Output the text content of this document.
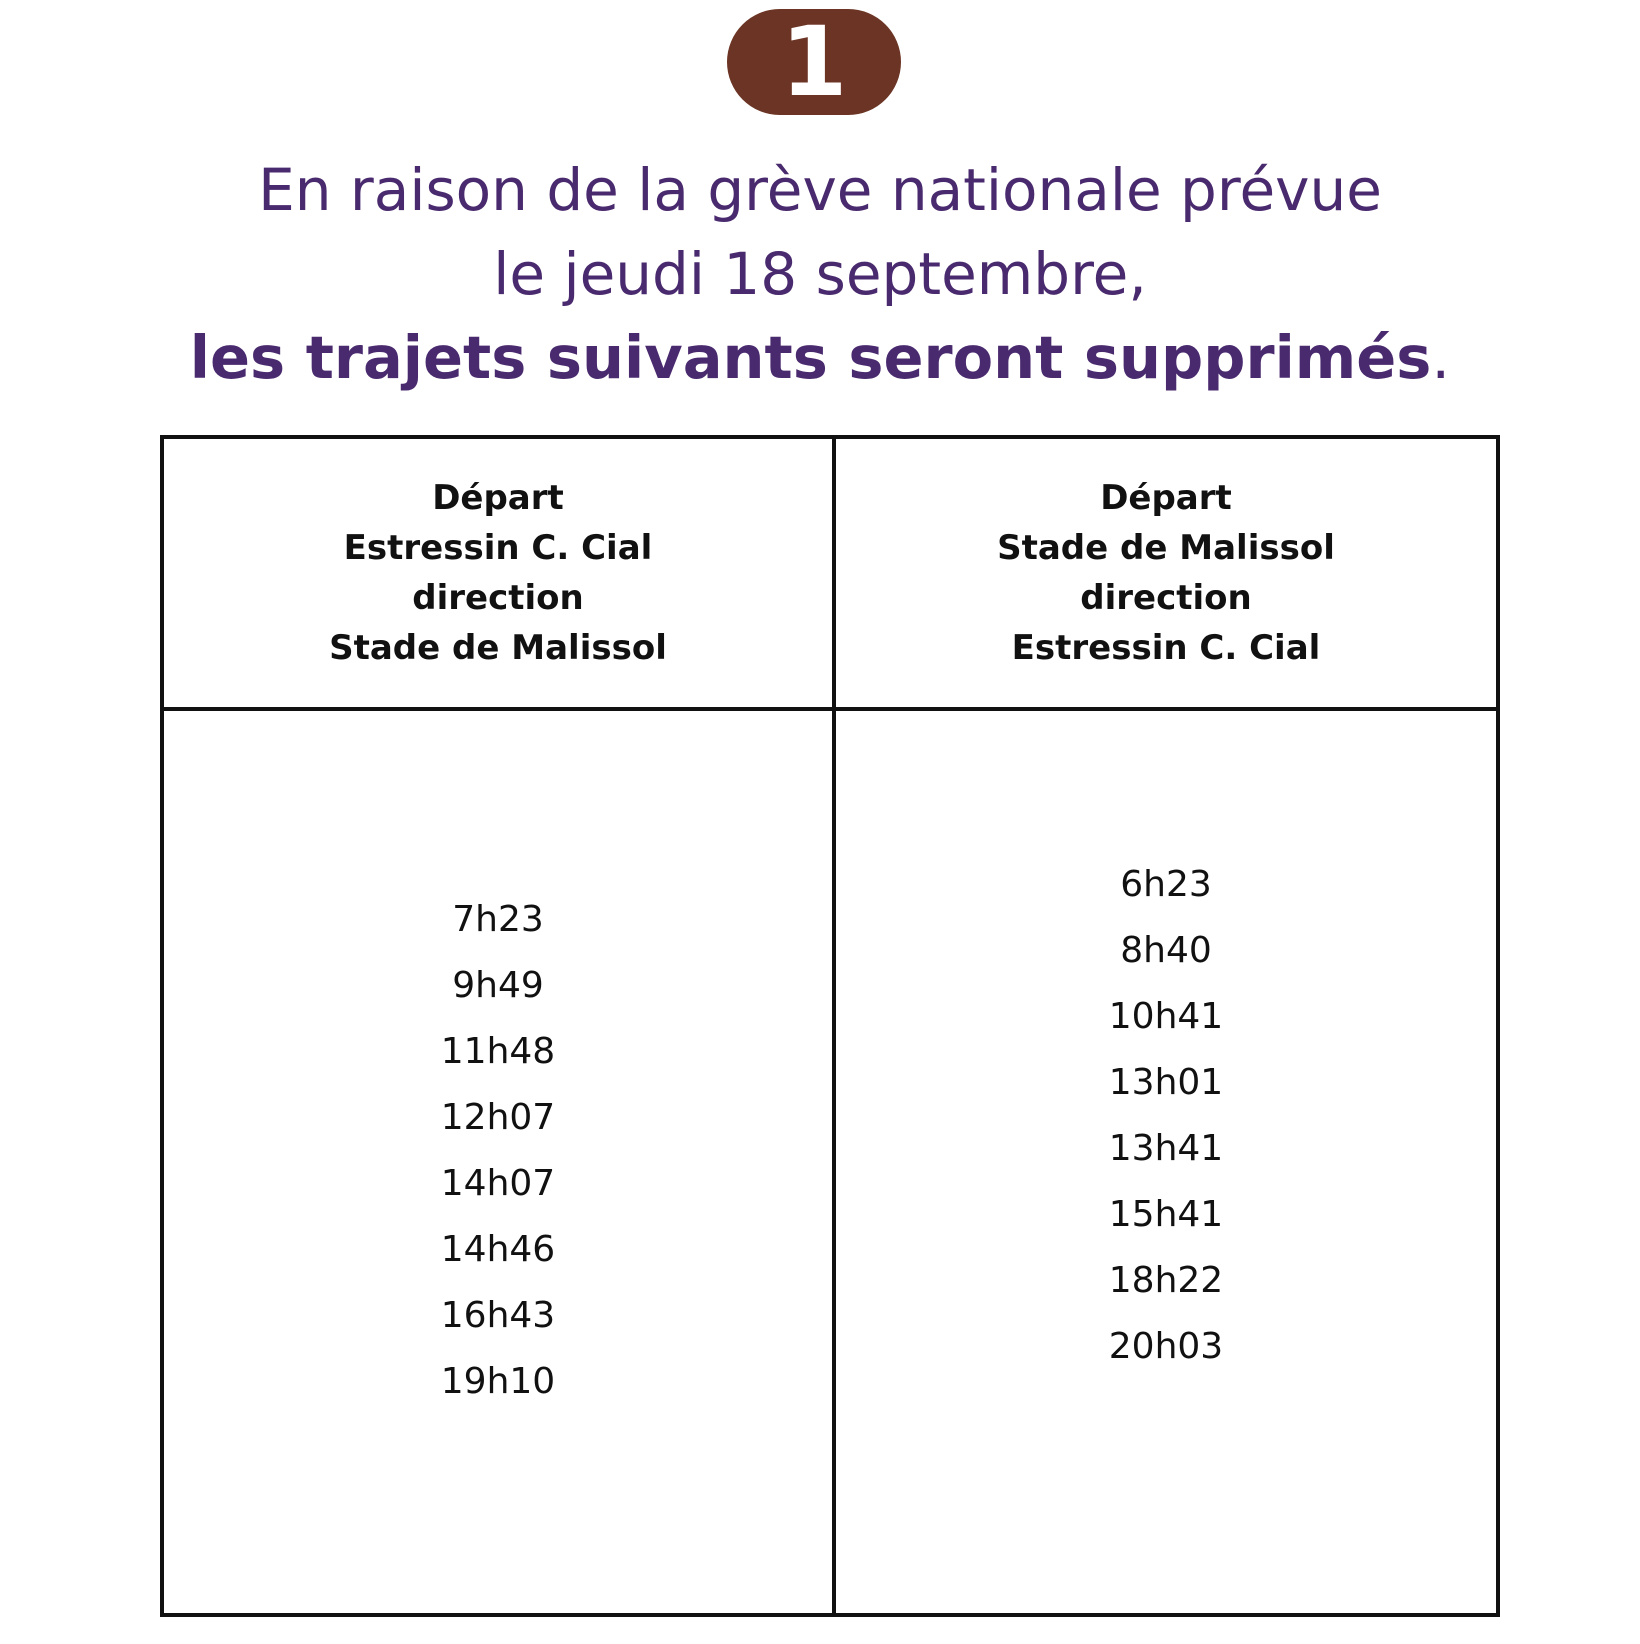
1
En raison de la grève nationale prévue
le jeudi 18 septembre,
les trajets suivants seront supprimés.
Départ
Estressin C. Cial
direction
Stade de Malissol
Départ
Stade de Malissol
direction
Estressin C. Cial
7h23
9h49
11h48
12h07
14h07
14h46
16h43
19h10
6h23
8h40
10h41
13h01
13h41
15h41
18h22
20h03
